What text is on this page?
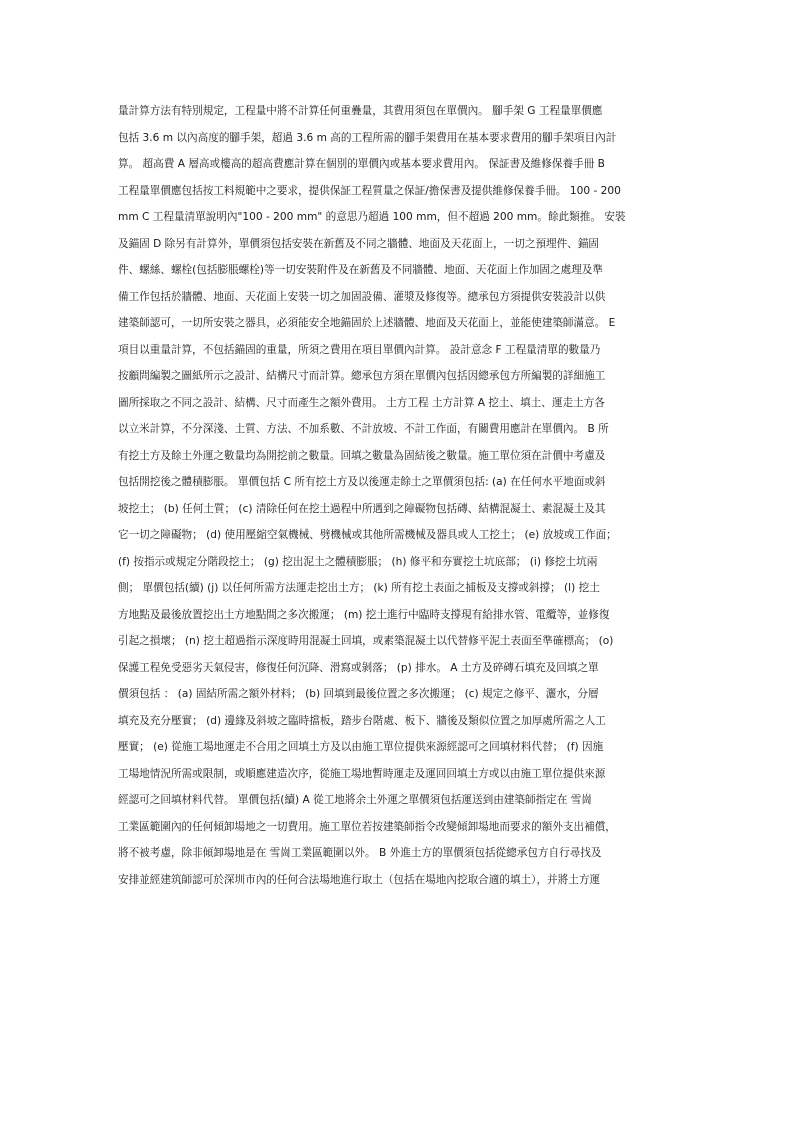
量計算方法有特別規定，工程量中將不計算任何重疊量，其費用須包在單價內。 腳手架 G 工程量單價應
包括 3.6 m 以內高度的腳手架，超過 3.6 m 高的工程所需的腳手架費用在基本要求費用的腳手架項目內計
算。 超高費 A 層高或樓高的超高費應計算在個別的單價內或基本要求費用內。 保証書及維修保養手冊 B
工程量單價應包括按工料規範中之要求，提供保証工程質量之保証/擔保書及提供維修保養手冊。 100 - 200
mm C 工程量清單說明內"100 - 200 mm" 的意思乃超過 100 mm，但不超過 200 mm。餘此類推。 安裝
及錨固 D 除另有計算外，單價須包括安裝在新舊及不同之牆體、地面及天花面上，一切之預埋件、錨固
件、螺絲、螺栓(包括膨脹螺栓)等一切安裝附件及在新舊及不同牆體、地面、天花面上作加固之處理及準
備工作包括於牆體、地面、天花面上安裝一切之加固設備、灌漿及修復等。總承包方須提供安裝設計以供
建築師認可，一切所安裝之器具，必須能安全地錨固於上述牆體、地面及天花面上，並能使建築師滿意。 E
項目以重量計算，不包括錨固的重量，所須之費用在項目單價內計算。 設計意念 F 工程量清單的數量乃
按顧問編製之圖紙所示之設計、結構尺寸而計算。總承包方須在單價內包括因總承包方所編製的詳細施工
圖所採取之不同之設計、結構、尺寸而產生之額外費用。 土方工程 土方計算 A 挖土、填土、運走土方各
以立米計算，不分深淺、土質、方法、不加系數、不計放坡、不計工作面，有關費用應計在單價內。 B 所
有挖土方及餘土外運之數量均為開挖前之數量。回填之數量為固結後之數量。施工單位須在計價中考慮及
包括開挖後之體積膨脹。 單價包括 C 所有挖土方及以後運走餘土之單價須包括: (a) 在任何水平地面或斜
坡挖土； (b) 任何土質； (c) 清除任何在挖土過程中所遇到之障礙物包括磚、結構混凝土、素混凝土及其
它一切之障礙物； (d) 使用壓縮空氣機械、劈機械或其他所需機械及器具或人工挖土； (e) 放坡或工作面；
(f) 按指示或規定分階段挖土； (g) 挖出泥土之體積膨脹； (h) 修平和夯實挖土坑底部； (i) 修挖土坑兩
側； 單價包括(續) (j) 以任何所需方法運走挖出土方； (k) 所有挖土表面之捕板及支撐或斜撐； (l) 挖土
方地點及最後放置挖出土方地點間之多次搬運； (m) 挖土進行中臨時支撐現有給排水管、電纜等，並修復
引起之損壞； (n) 挖土超過指示深度時用混凝土回填，或素築混凝土以代替修平泥土表面至準確標高； (o)
保護工程免受惡劣天氣侵害，修復任何沉降、滑寫或剝落； (p) 排水。 A 土方及碎磚石填充及回填之單
價須包括 ： (a) 固結所需之額外材料； (b) 回填到最後位置之多次搬運； (c) 規定之修平、灑水，分層
填充及充分壓實； (d) 邊緣及斜坡之臨時擋板，踏步台階處、板下、牆後及類似位置之加厚處所需之人工
壓實； (e) 從施工場地運走不合用之回填土方及以由施工單位提供來源經認可之回填材料代替； (f) 因施
工場地情況所需或限制，或順應建造次序，從施工場地暫時運走及運回回填土方或以由施工單位提供來源
經認可之回填材料代替。 單價包括(續) A 從工地將余土外運之單價須包括運送到由建築師指定在 雪崗
工業區範圍內的任何傾卸場地之一切費用。施工單位若按建築師指令改變傾卸場地而要求的額外支出補償，
將不被考慮，除非傾卸場地是在 雪崗工業區範圍以外。 B 外進土方的單價須包括從總承包方自行尋找及
安排並經建筑師認可於深圳市內的任何合法場地進行取土（包括在場地內挖取合適的填土），并將土方運
